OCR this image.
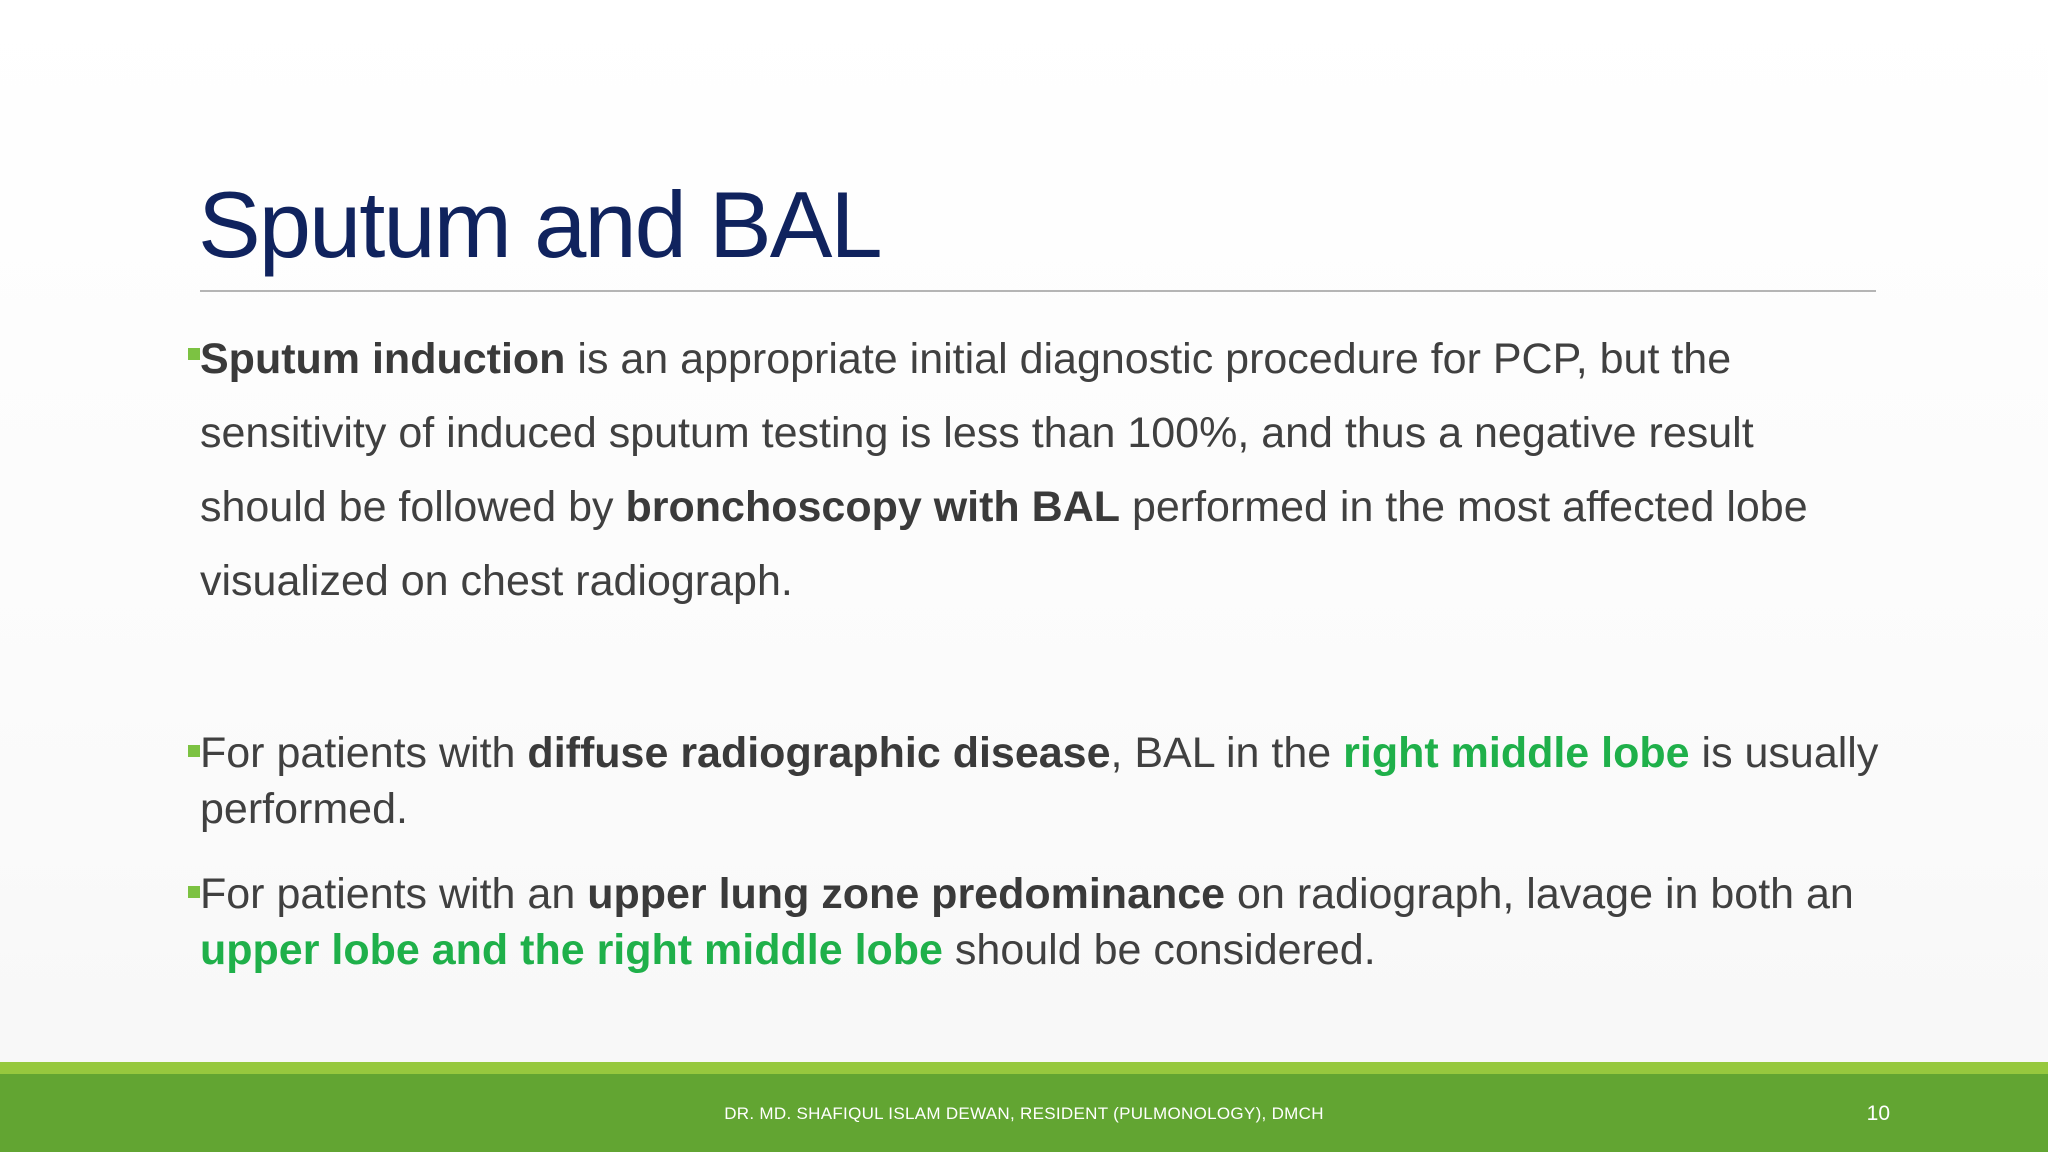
Sputum and BAL
Sputum induction is an appropriate initial diagnostic procedure for PCP, but the sensitivity of induced sputum testing is less than 100%, and thus a negative result should be followed by bronchoscopy with BAL performed in the most affected lobe visualized on chest radiograph.
For patients with diffuse radiographic disease, BAL in the right middle lobe is usually performed.
For patients with an upper lung zone predominance on radiograph, lavage in both an upper lobe and the right middle lobe should be considered.
DR. MD. SHAFIQUL ISLAM DEWAN, RESIDENT (PULMONOLOGY), DMCH	10
